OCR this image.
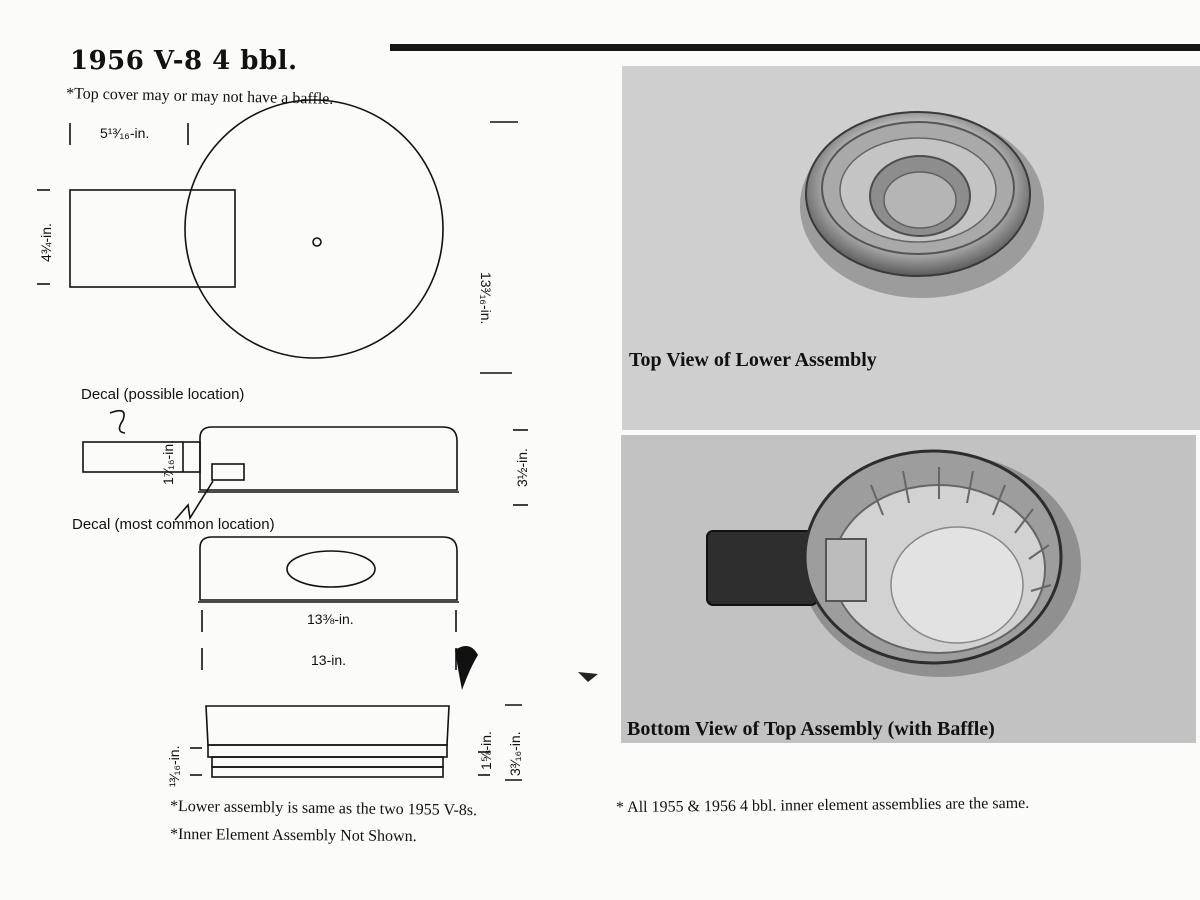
1956 V-8 4 bbl.
*Top cover may or may not have a baffle.
5¹³⁄₁₆-in.
4¾-in.
13³⁄₁₆-in.
1⁷⁄₁₆-in.	3½-in.
13⅜-in.
13-in.
¹³⁄₁₆-in.	1⅝-in. 3³⁄₁₆-in.
Decal (possible location)
Decal (most common location)
*Lower assembly is same as the two 1955 V-8s.
*Inner Element Assembly Not Shown.
Top View of Lower Assembly
Bottom View of Top Assembly (with Baffle)
* All 1955 & 1956 4 bbl. inner element assemblies are the same.
